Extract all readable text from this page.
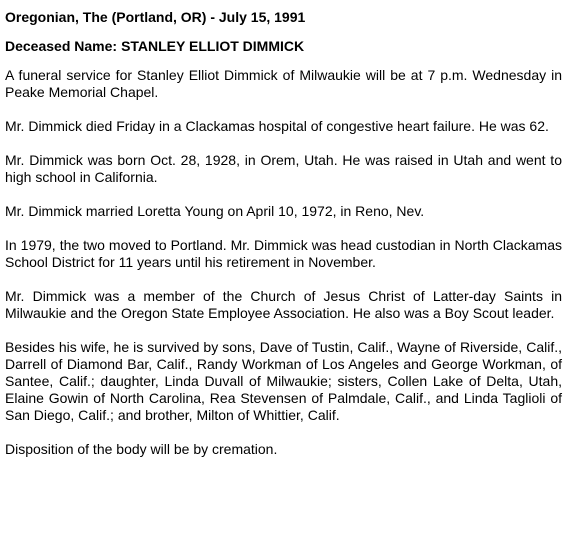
Oregonian, The (Portland, OR) - July 15, 1991

Deceased Name: STANLEY ELLIOT DIMMICK

A funeral service for Stanley Elliot Dimmick of Milwaukie will be at 7 p.m. Wednesday in Peake Memorial Chapel.

Mr. Dimmick died Friday in a Clackamas hospital of congestive heart failure. He was 62.

Mr. Dimmick was born Oct. 28, 1928, in Orem, Utah. He was raised in Utah and went to high school in California.

Mr. Dimmick married Loretta Young on April 10, 1972, in Reno, Nev.

In 1979, the two moved to Portland. Mr. Dimmick was head custodian in North Clackamas School District for 11 years until his retirement in November.

Mr. Dimmick was a member of the Church of Jesus Christ of Latter-day Saints in Milwaukie and the Oregon State Employee Association. He also was a Boy Scout leader.

Besides his wife, he is survived by sons, Dave of Tustin, Calif., Wayne of Riverside, Calif., Darrell of Diamond Bar, Calif., Randy Workman of Los Angeles and George Workman, of Santee, Calif.; daughter, Linda Duvall of Milwaukie; sisters, Collen Lake of Delta, Utah, Elaine Gowin of North Carolina, Rea Stevensen of Palmdale, Calif., and Linda Taglioli of San Diego, Calif.; and brother, Milton of Whittier, Calif.

Disposition of the body will be by cremation.
